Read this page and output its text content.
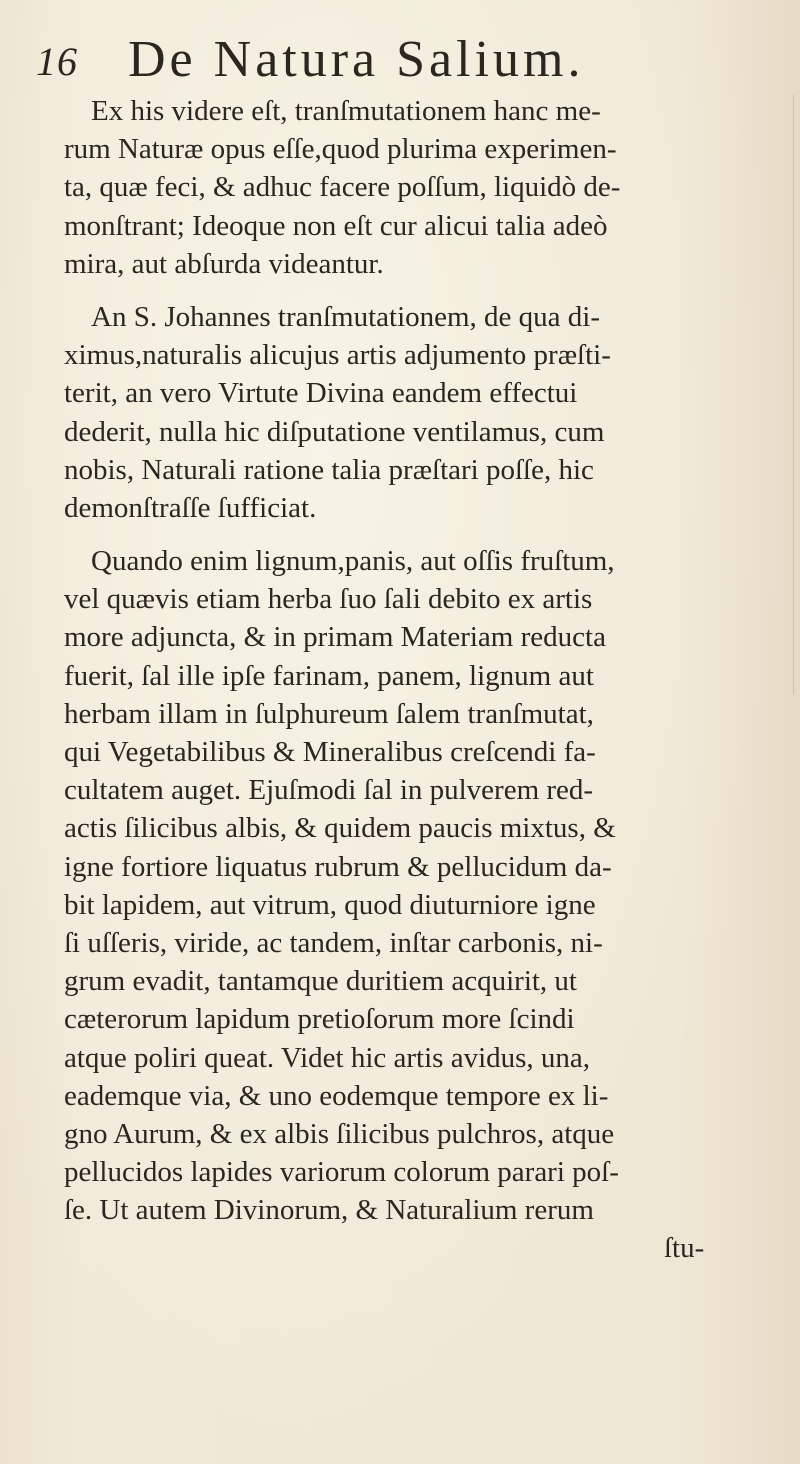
16 De Natura Salium.
Ex his videre eſt, tranſmutationem hanc me-
rum Naturæ opus eſſe,quod plurima experimen-
ta, quæ feci, & adhuc facere poſſum, liquidò de-
monſtrant; Ideoque non eſt cur alicui talia adeò
mira, aut abſurda videantur.
An S. Johannes tranſmutationem, de qua di-
ximus,naturalis alicujus artis adjumento præſti-
terit, an vero Virtute Divina eandem effectui
dederit, nulla hic diſputatione ventilamus, cum
nobis, Naturali ratione talia præſtari poſſe, hic
demonſtraſſe ſufficiat.
Quando enim lignum,panis, aut oſſis fruſtum,
vel quævis etiam herba ſuo ſali debito ex artis
more adjuncta, & in primam Materiam reducta
fuerit, ſal ille ipſe farinam, panem, lignum aut
herbam illam in ſulphureum ſalem tranſmutat,
qui Vegetabilibus & Mineralibus creſcendi fa-
cultatem auget. Ejuſmodi ſal in pulverem red-
actis ſilicibus albis, & quidem paucis mixtus, &
igne fortiore liquatus rubrum & pellucidum da-
bit lapidem, aut vitrum, quod diuturniore igne
ſi uſſeris, viride, ac tandem, inſtar carbonis, ni-
grum evadit, tantamque duritiem acquirit, ut
cæterorum lapidum pretioſorum more ſcindi
atque poliri queat. Videt hic artis avidus, una,
eademque via, & uno eodemque tempore ex li-
gno Aurum, & ex albis ſilicibus pulchros, atque
pellucidos lapides variorum colorum parari poſ-
ſe. Ut autem Divinorum, & Naturalium rerum
ſtu-
